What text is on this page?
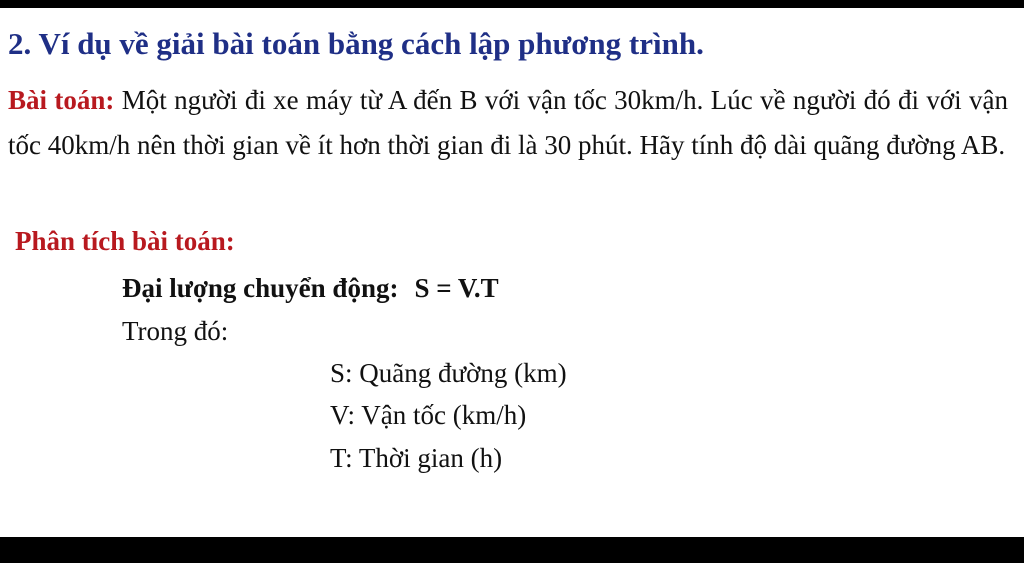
2. Ví dụ về giải bài toán bằng cách lập phương trình.
Bài toán: Một người đi xe máy từ A đến B với vận tốc 30km/h. Lúc về người đó đi với vận tốc 40km/h nên thời gian về ít hơn thời gian đi là 30 phút. Hãy tính độ dài quãng đường AB.
Phân tích bài toán:
Đại lượng chuyển động: S = V.T
Trong đó:
S: Quãng đường (km)
V: Vận tốc (km/h)
T: Thời gian (h)
